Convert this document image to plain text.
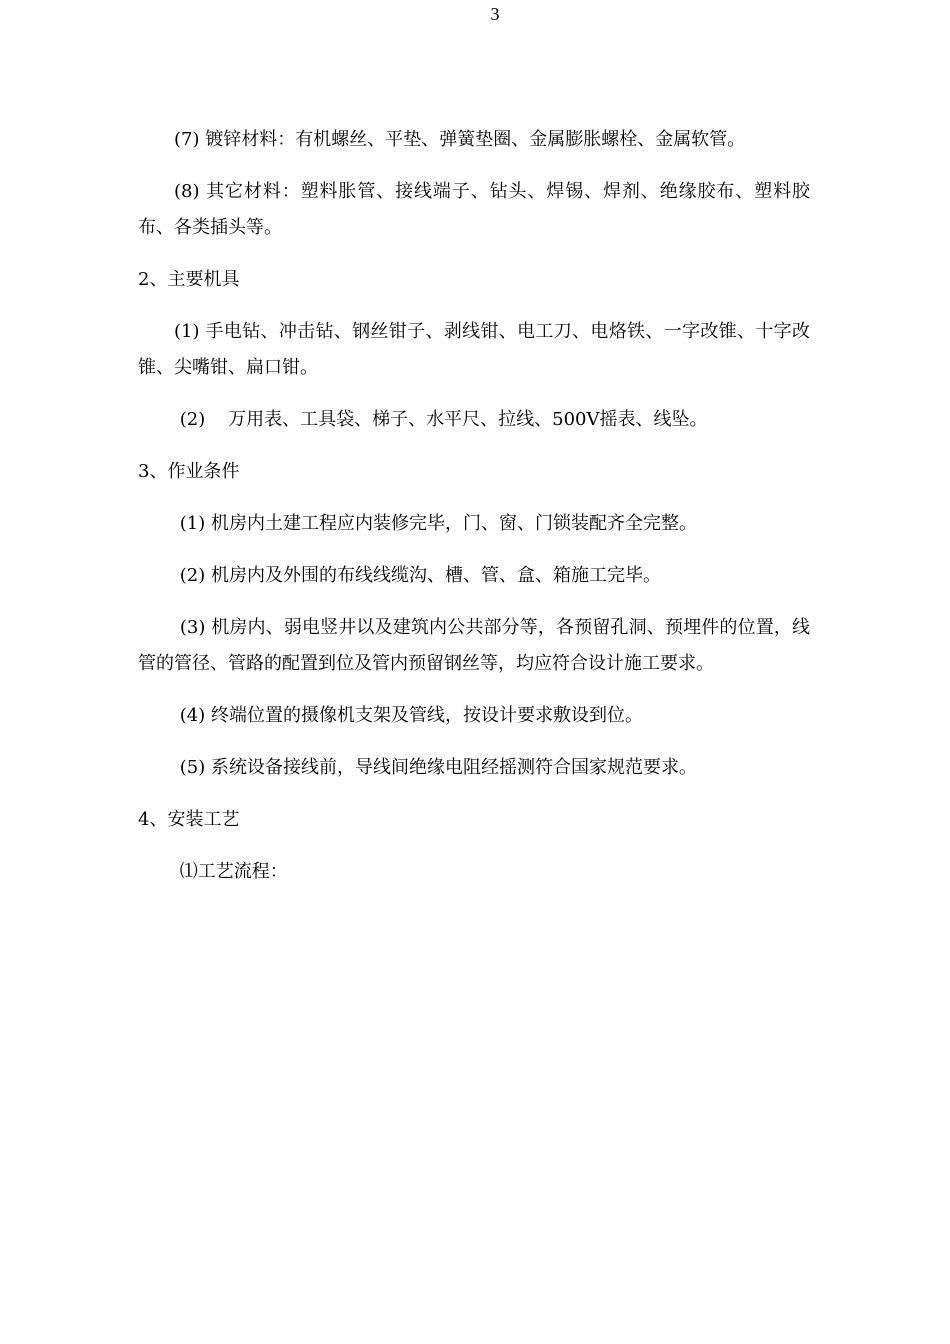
3

(7) 镀锌材料：有机螺丝、平垫、弹簧垫圈、金属膨胀螺栓、金属软管。

(8) 其它材料：塑料胀管、接线端子、钻头、焊锡、焊剂、绝缘胶布、塑料胶布、各类插头等。

2、主要机具

(1) 手电钻、冲击钻、钢丝钳子、剥线钳、电工刀、电烙铁、一字改锥、十字改锥、尖嘴钳、扁口钳。

(2)    万用表、工具袋、梯子、水平尺、拉线、500V摇表、线坠。

3、作业条件

(1) 机房内土建工程应内装修完毕，门、窗、门锁装配齐全完整。

(2) 机房内及外围的布线线缆沟、槽、管、盒、箱施工完毕。

(3) 机房内、弱电竖井以及建筑内公共部分等，各预留孔洞、预埋件的位置，线管的管径、管路的配置到位及管内预留钢丝等，均应符合设计施工要求。

(4) 终端位置的摄像机支架及管线，按设计要求敷设到位。

(5) 系统设备接线前，导线间绝缘电阻经摇测符合国家规范要求。

4、安装工艺

⑴工艺流程：
